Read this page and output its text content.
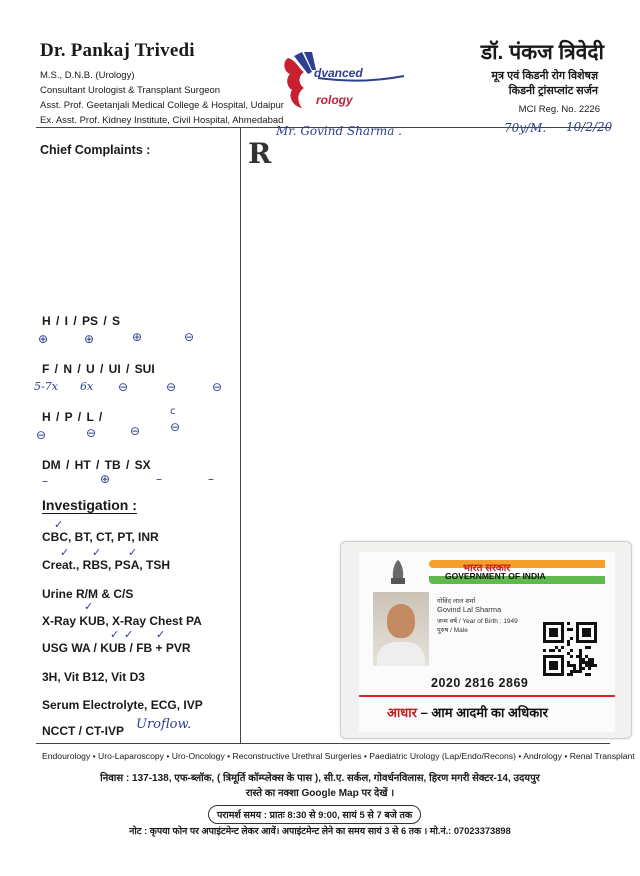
Dr. Pankaj Trivedi
M.S., D.N.B. (Urology)
Consultant Urologist & Transplant Surgeon
Asst. Prof. Geetanjali Medical College & Hospital, Udaipur
Ex. Asst. Prof. Kidney Institute, Civil Hospital, Ahmedabad
dvanced
rology
डॉ. पंकज त्रिवेदी
मूत्र एवं किडनी रोग विशेषज्ञ
किडनी ट्रांसप्लांट सर्जन
MCI Reg. No. 2226
Mr. Govind Sharma .	70y/M. 10/2/20
R
Chief Complaints :
H / I / PS / S
⊕	⊕	⊕	⊖
F / N / U / UI / SUI
5-7x 6x ⊖	⊖	⊖
H / P / L /	c
⊖	⊖	⊖ ⊖
DM / HT / TB / SX
–	⊕	–	–
Investigation :
✓
CBC, BT, CT, PT, INR
✓ ✓ ✓
Creat., RBS, PSA, TSH
Urine R/M & C/S
✓
X-Ray KUB, X-Ray Chest PA
✓ ✓ ✓
USG WA / KUB / FB + PVR
3H, Vit B12, Vit D3
Serum Electrolyte, ECG, IVP
NCCT / CT-IVP Uroflow.
भारत सरकार
GOVERNMENT OF INDIA
गोविंद लाल शर्मा
Govind Lal Sharma
जन्म वर्ष / Year of Birth : 1949
पुरुष / Male
2020 2816 2869
आधार – आम आदमी का अधिकार
Endourology • Uro-Laparoscopy • Uro-Oncology • Reconstructive Urethral Surgeries • Paediatric Urology (Lap/Endo/Recons) • Andrology • Renal Transplant
निवास : 137-138, एफ-ब्लॉक, ( त्रिमूर्ति कॉम्प्लेक्स के पास ), सी.ए. सर्कल, गोवर्धनविलास, हिरण मगरी सेक्टर-14, उदयपुर
रास्ते का नक्शा Google Map पर देखें ।
परामर्श समय : प्रातः 8:30 से 9:00, सायं 5 से 7 बजे तक
नोट : कृपया फोन पर अपाइंटमेन्ट लेकर आवें। अपाइंटमेन्ट लेने का समय सायं 3 से 6 तक । मो.नं.: 07023373898
